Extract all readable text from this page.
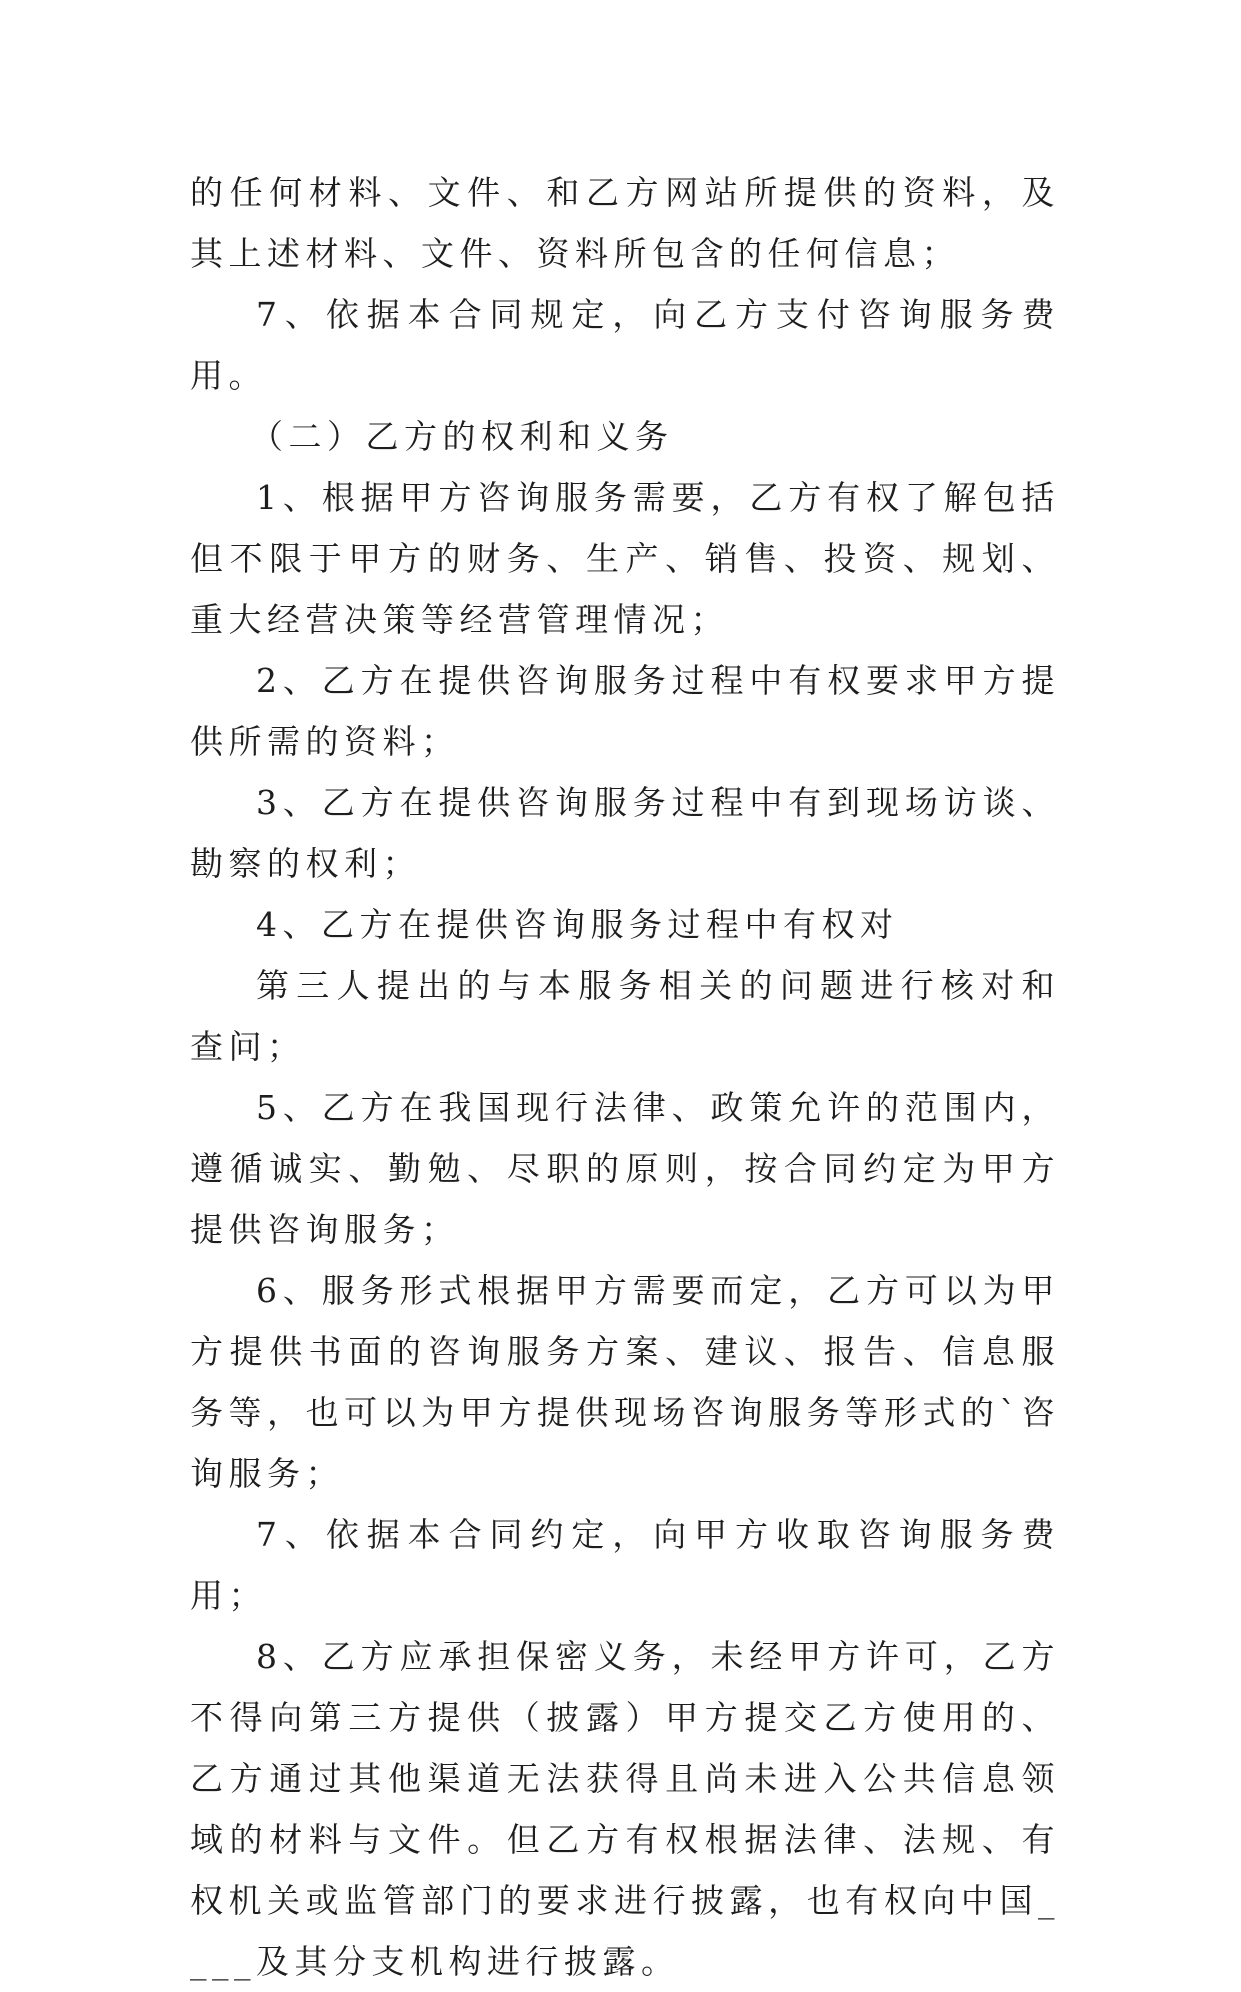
的任何材料、文件、和乙方网站所提供的资料，及其上述材料、文件、资料所包含的任何信息；

7、依据本合同规定，向乙方支付咨询服务费用。

（二）乙方的权利和义务

1、根据甲方咨询服务需要，乙方有权了解包括但不限于甲方的财务、生产、销售、投资、规划、重大经营决策等经营管理情况；

2、乙方在提供咨询服务过程中有权要求甲方提供所需的资料；

3、乙方在提供咨询服务过程中有到现场访谈、勘察的权利；

4、乙方在提供咨询服务过程中有权对

第三人提出的与本服务相关的问题进行核对和查问；

5、乙方在我国现行法律、政策允许的范围内，遵循诚实、勤勉、尽职的原则，按合同约定为甲方提供咨询服务；

6、服务形式根据甲方需要而定，乙方可以为甲方提供书面的咨询服务方案、建议、报告、信息服务等，也可以为甲方提供现场咨询服务等形式的`咨询服务；

7、依据本合同约定，向甲方收取咨询服务费用；

8、乙方应承担保密义务，未经甲方许可，乙方不得向第三方提供（披露）甲方提交乙方使用的、乙方通过其他渠道无法获得且尚未进入公共信息领域的材料与文件。但乙方有权根据法律、法规、有权机关或监管部门的要求进行披露，也有权向中国____及其分支机构进行披露。
